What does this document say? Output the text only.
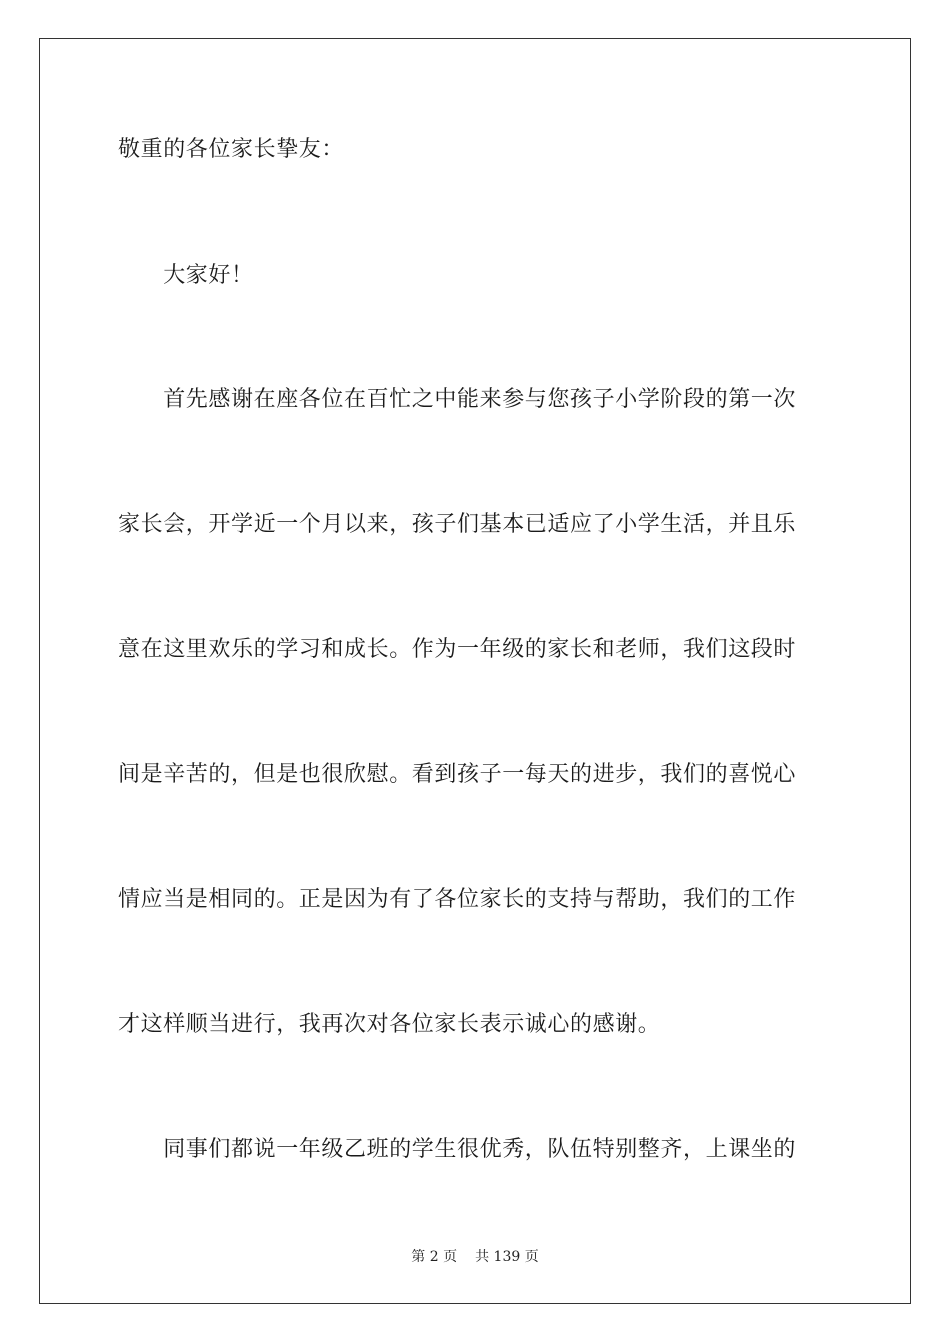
敬重的各位家长挚友：
　　大家好！
　　首先感谢在座各位在百忙之中能来参与您孩子小学阶段的第一次
家长会，开学近一个月以来，孩子们基本已适应了小学生活，并且乐
意在这里欢乐的学习和成长。作为一年级的家长和老师，我们这段时
间是辛苦的，但是也很欣慰。看到孩子一每天的进步，我们的喜悦心
情应当是相同的。正是因为有了各位家长的支持与帮助，我们的工作
才这样顺当进行，我再次对各位家长表示诚心的感谢。
　　同事们都说一年级乙班的学生很优秀，队伍特别整齐，上课坐的
第 2 页 共 139 页
